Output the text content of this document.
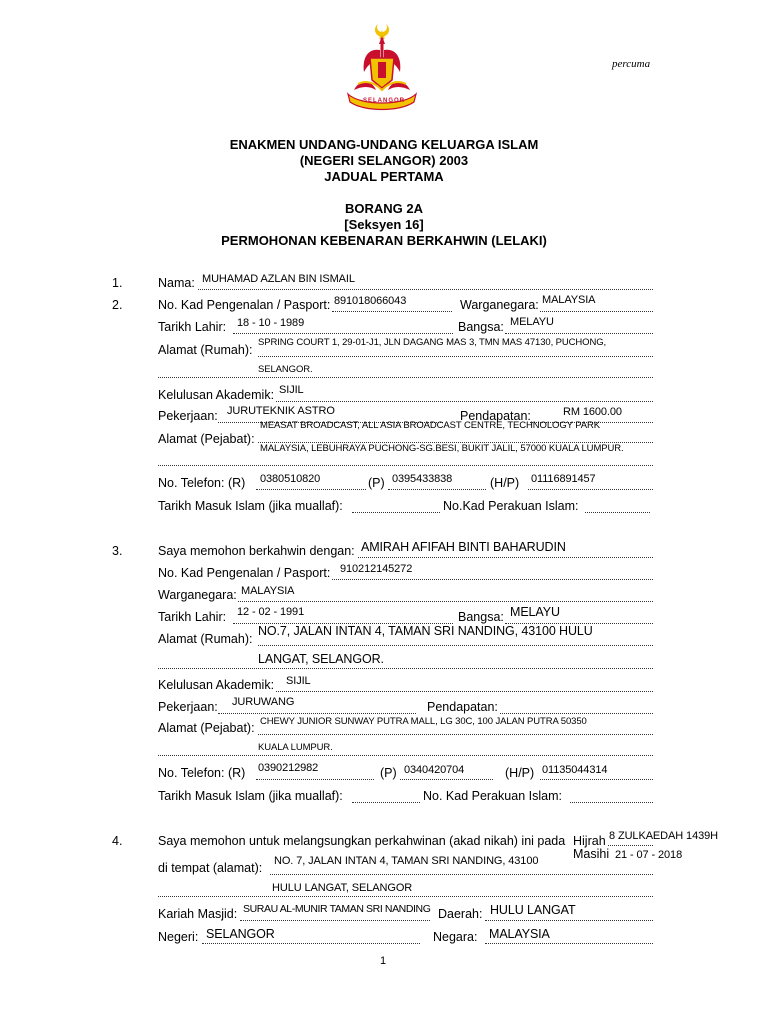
SELANGOR
percuma
ENAKMEN UNDANG-UNDANG KELUARGA ISLAM
(NEGERI SELANGOR) 2003
JADUAL PERTAMA
BORANG 2A
[Seksyen 16]
PERMOHONAN KEBENARAN BERKAHWIN (LELAKI)
1.	Nama: MUHAMAD AZLAN BIN ISMAIL
2.	No. Kad Pengenalan / Pasport: 891018066043	Warganegara: MALAYSIA
Tarikh Lahir: 18 - 10 - 1989	Bangsa: MELAYU
Alamat (Rumah):
SPRING COURT 1, 29-01-J1, JLN DAGANG MAS 3, TMN MAS 47130, PUCHONG,
SELANGOR.
Kelulusan Akademik: SIJIL
Pekerjaan: JURUTEKNIK ASTRO	Pendapatan:	RM 1600.00
Alamat (Pejabat):
MEASAT BROADCAST, ALL ASIA BROADCAST CENTRE, TECHNOLOGY PARK
MALAYSIA, LEBUHRAYA PUCHONG-SG.BESI, BUKIT JALIL, 57000 KUALA LUMPUR.
No. Telefon: (R) 0380510820	(P) 0395433838	(H/P) 01116891457
Tarikh Masuk Islam (jika muallaf):	No.Kad Perakuan Islam:
3.	Saya memohon berkahwin dengan: AMIRAH AFIFAH BINTI BAHARUDIN
No. Kad Pengenalan / Pasport: 910212145272
Warganegara: MALAYSIA
Tarikh Lahir: 12 - 02 - 1991	Bangsa: MELAYU
Alamat (Rumah):
NO.7, JALAN INTAN 4, TAMAN SRI NANDING, 43100 HULU
LANGAT, SELANGOR.
Kelulusan Akademik: SIJIL
Pekerjaan: JURUWANG	Pendapatan:
Alamat (Pejabat): CHEWY JUNIOR SUNWAY PUTRA MALL, LG 30C, 100 JALAN PUTRA 50350
KUALA LUMPUR.
No. Telefon: (R) 0390212982	(P) 0340420704	(H/P) 01135044314
Tarikh Masuk Islam (jika muallaf):	No. Kad Perakuan Islam:
4.	Saya memohon untuk melangsungkan perkahwinan (akad nikah) ini pada Hijrah 8 ZULKAEDAH 1439H
Masihi 21 - 07 - 2018
di tempat (alamat): NO. 7, JALAN INTAN 4, TAMAN SRI NANDING, 43100
HULU LANGAT, SELANGOR
Kariah Masjid: SURAU AL-MUNIR TAMAN SRI NANDING Daerah: HULU LANGAT
Negeri: SELANGOR	Negara: MALAYSIA
1
